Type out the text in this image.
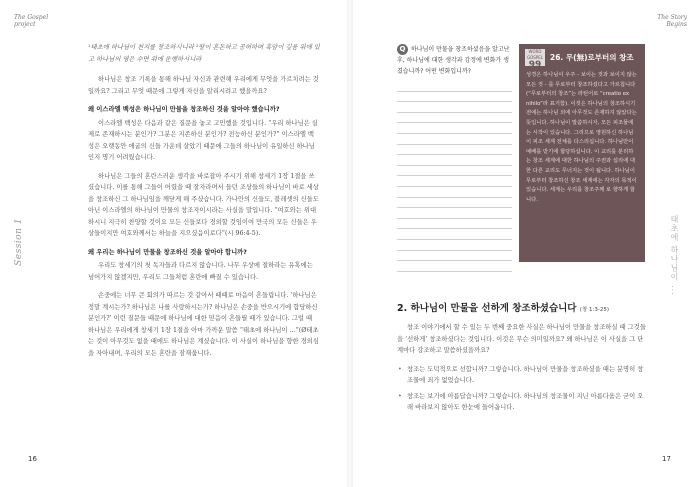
The Gospel
project
Session 1
¹태초에 하나님이 천지를 창조하시니라 ²땅이 혼돈하고 공허하며 흑암이 깊음 위에 있고 하나님의 영은 수면 위에 운행하시니라

하나님은 창조 기록을 통해 하나님 자신과 관련해 우리에게 무엇을 가르치려는 것일까요? 그리고 무엇 때문에 그렇게 자신을 알리시려고 했을까요?

왜 이스라엘 백성은 하나님이 만물을 창조하신 것을 알아야 했습니까?

이스라엘 백성은 다음과 같은 질문을 놓고 고민했을 것입니다. “우리 하나님은 실제로 존재하시는 분인가? 그분은 지존하신 분인가? 전능하신 분인가?” 이스라엘 백성은 오랫동안 애굽의 신들 가운데 살았기 때문에 그들의 하나님이 유일하신 하나님인지 명기 어려웠습니다.

하나님은 그들의 혼란스러운 생각을 바로잡아 주시기 위해 창세기 1장 1절을 쓰셨습니다. 이를 통해 그들이 어렸을 때 잘자라며서 들던 조상들의 하나님이 바로 세상을 창조하신 그 하나님임을 깨닫게 해 주셨습니다. 가나안의 신들도, 블레셋의 신들도 아닌 이스라엘의 하나님이 만물의 창조자이시라는 사실을 말입니다. “여호와는 위대하시니 지극히 찬양할 것이요 모든 신들보다 경외할 것임이여 만국의 모든 신들은 우상들이지만 여호와께서는 하늘을 지으셨음이로다”(시 96:4-5).

왜 우리는 하나님이 만물을 창조하신 것을 알아야 합니까?

우리도 창세기의 첫 독자들과 다르지 않습니다. 나무 우상에 절하라는 유혹에는 넘어가지 않겠지만, 우리도 그들처럼 혼란에 빠질 수 있습니다.

손중에는 너무 큰 회의가 따르는 것 같아서 때때로 마음이 흔들립니다. ‘하나님은 정말 계시는가? 하나님은 나를 사랑하시는가? 하나님은 손중을 반으시기에 합당하신 분인가?’ 이런 질문들 때문에 하나님에 대한 믿음이 흔들릴 때가 있습니다. 그럴 때 하나님은 우리에게 창세기 1장 1절을 아마 가까운 말씀 “태초에 하나님이 ...”(Ø태초는 것이 아무것도 없을 때에도 하나님은 계셨습니다. 이 사실이 하나님을 향한 경외심을 자아내며, 우리의 모든 혼란을 잠재웁니다.

16
The Story
Begins
태초에 하나님이 ...
Q 하나님이 만물을 창조하셨음을 알고난 후, 하나님에 대한 생각과 감정에 변화가 생겼습니까? 어떤 변화입니까?
WORD GOSPEL
99
26. 무(無)로부터의 창조
성경은 하나님이 우주 - 보이는 것과 보이지 않는 모든 것 - 를 무로부터 창조하셨다고 가르칩니다(“무로부터의 창조”는 라틴어로 “creatio ex nihilo”라 표기함). 이것은 하나님의 창조하시기 전에는 하나님 외에 아무것도 존재하지 않았다는 뜻입니다. 하나님이 말씀하시자, 모든 피조물에는 시작이 있습니다. 그리므로 영원하신 하나님이 피조 세계 전체를 다스리십니다. 하나님만이 예배를 받기에 합당하십니다. 이 교리를 분리하는 창조 세계에 대한 하나님의 주권과 섭리에 대한 다른 교리도 무너지는 것이 됩니다. 하나님이 무로부터 창조하신 창조 세계에는 각자의 목적이 있습니다. 세계는 우리를 창조주께 로 향하게 합니다.
2. 하나님이 만물을 선하게 창조하셨습니다 (창 1:3-25)

창조 이야기에서 할 수 있는 두 번째 중요한 사실은 하나님이 만물을 창조하실 때 그것들을 ‘선하게’ 창조하셨다는 것입니다. 이것은 무슨 의미일까요? 왜 하나님은 이 사실을 그 단계마다 강조하고 말씀하셨을까요?

• 창조는 도덕적으로 선합니까? 그렇습니다. 하나님이 만물을 창조하셨을 때는 분명히 창조물에 죄가 없었습니다.
• 창조는 보기에 아름답습니까? 그렇습니다. 하나님의 창조물이 지닌 아름다움은 굳이 오래 바라보지 않아도 한눈에 들어옵니다.
17
